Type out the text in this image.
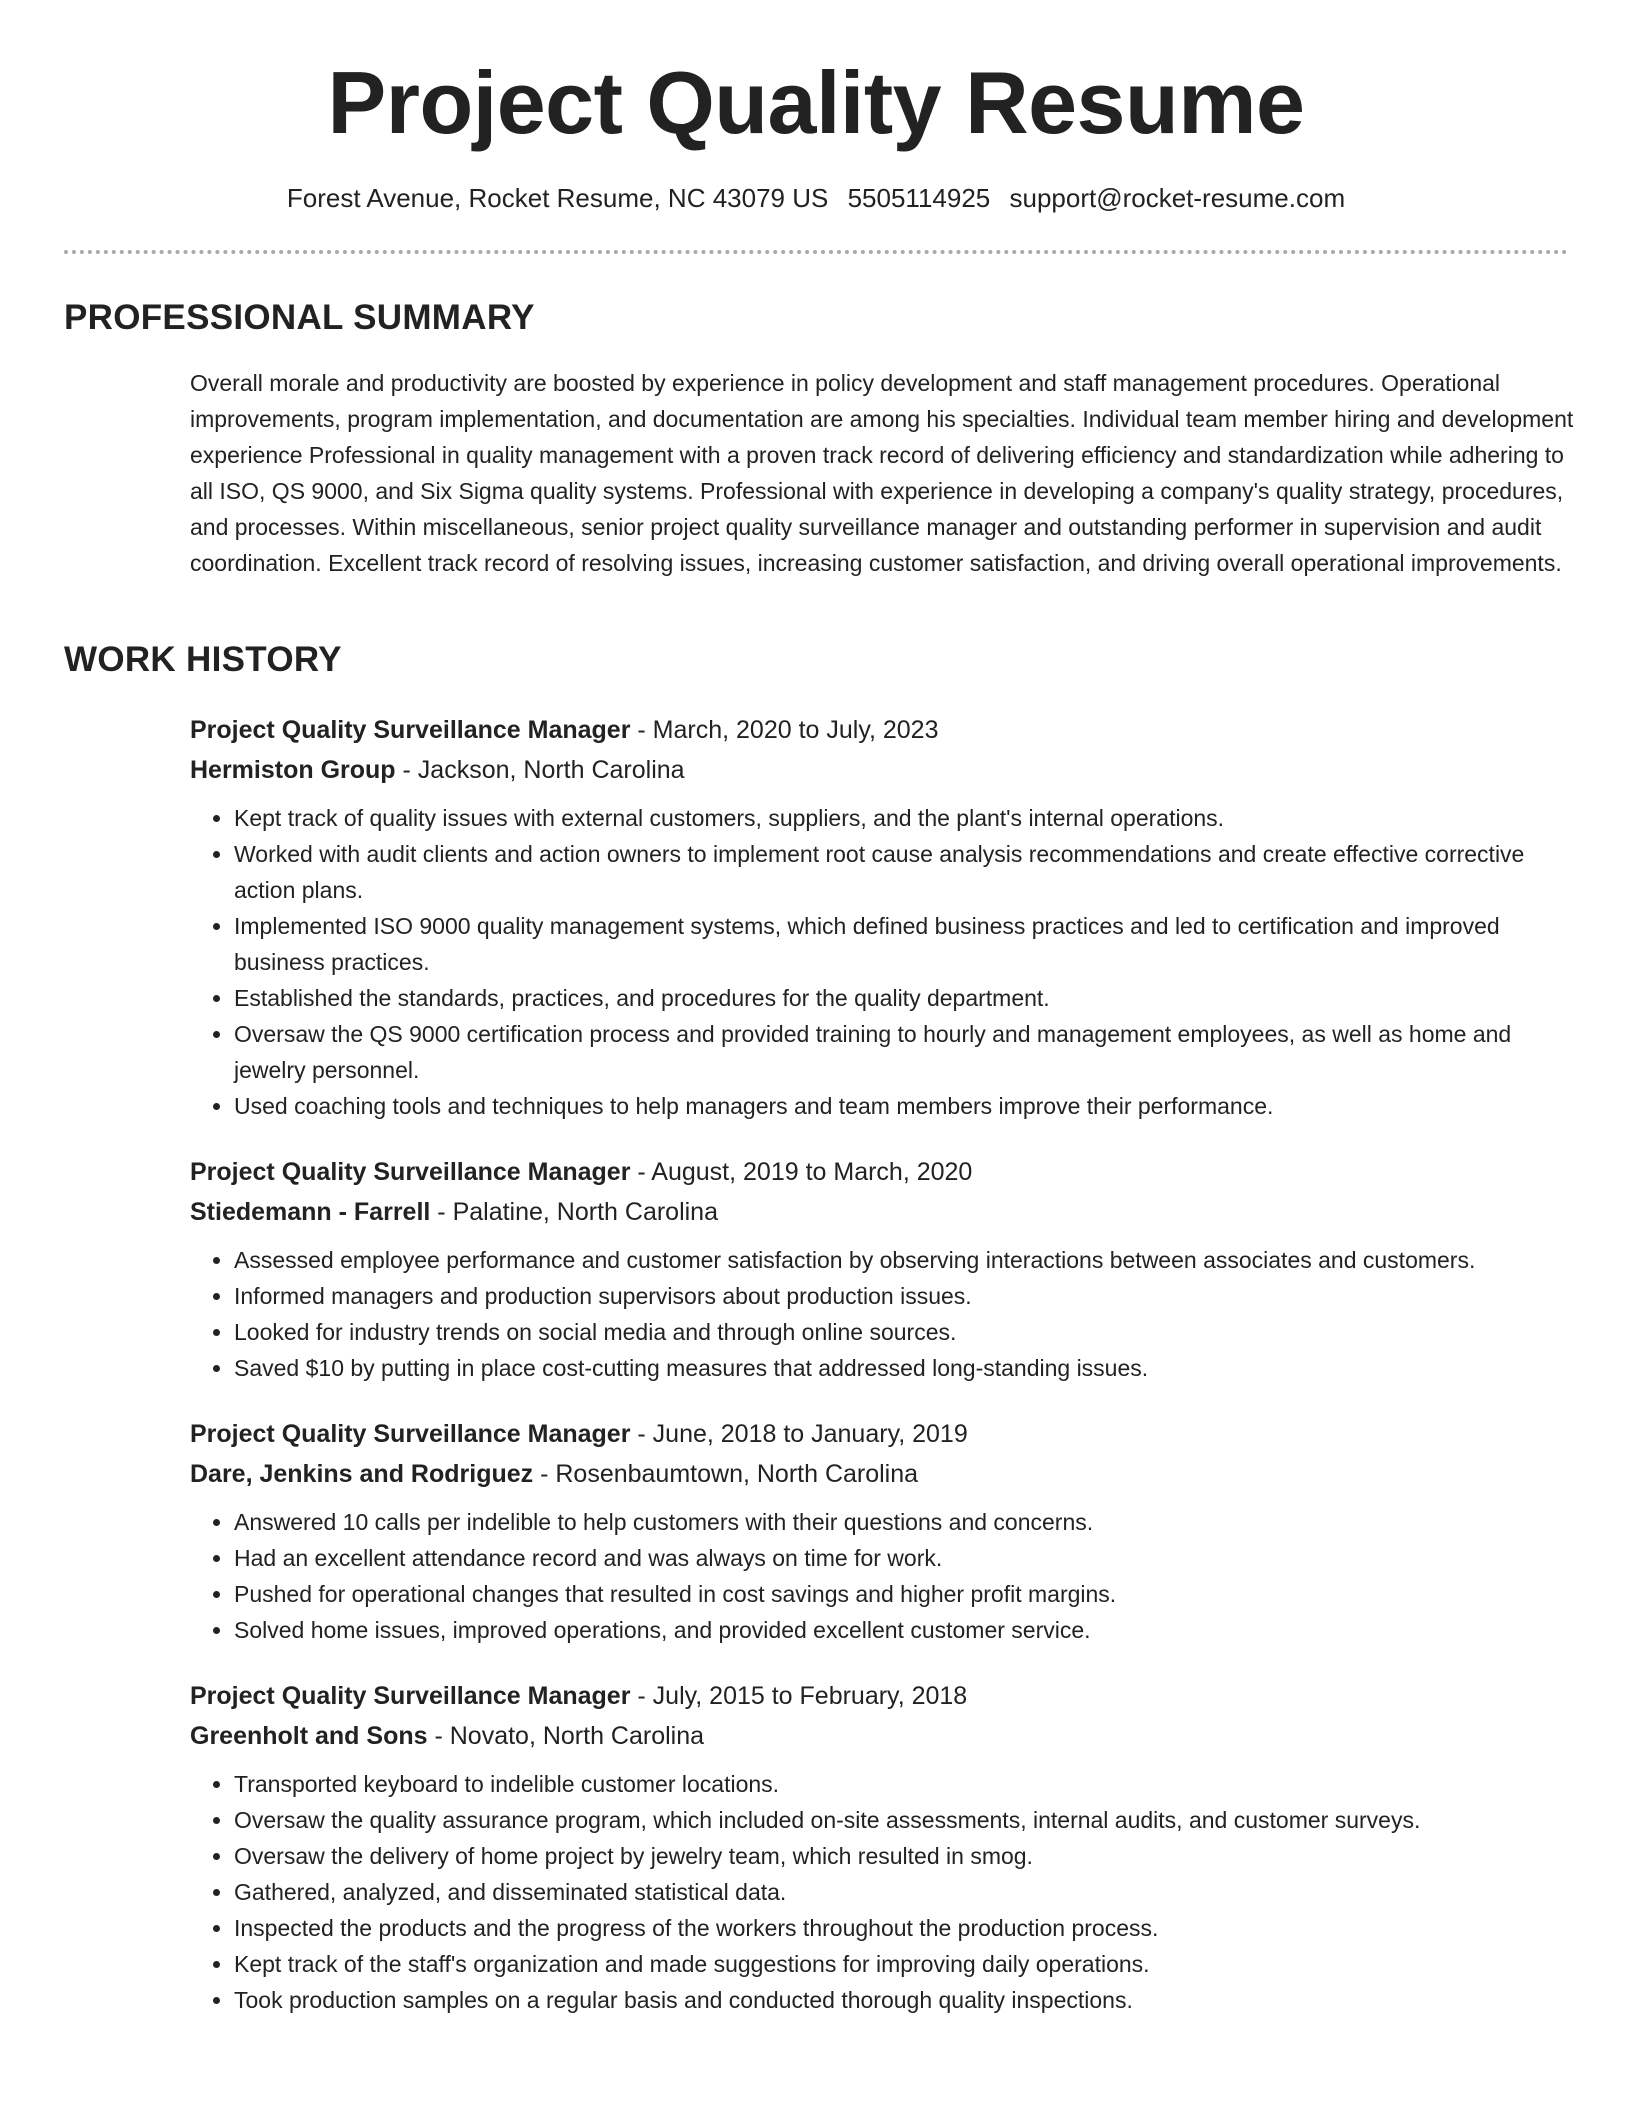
Project Quality Resume
Forest Avenue, Rocket Resume, NC 43079 US 5505114925 support@rocket-resume.com
PROFESSIONAL SUMMARY

Overall morale and productivity are boosted by experience in policy development and staff management procedures. Operational improvements, program implementation, and documentation are among his specialties. Individual team member hiring and development experience Professional in quality management with a proven track record of delivering efficiency and standardization while adhering to all ISO, QS 9000, and Six Sigma quality systems. Professional with experience in developing a company's quality strategy, procedures, and processes. Within miscellaneous, senior project quality surveillance manager and outstanding performer in supervision and audit coordination. Excellent track record of resolving issues, increasing customer satisfaction, and driving overall operational improvements.

WORK HISTORY
Project Quality Surveillance Manager - March, 2020 to July, 2023
Hermiston Group - Jackson, North Carolina
• Kept track of quality issues with external customers, suppliers, and the plant's internal operations.
• Worked with audit clients and action owners to implement root cause analysis recommendations and create effective corrective action plans.
• Implemented ISO 9000 quality management systems, which defined business practices and led to certification and improved business practices.
• Established the standards, practices, and procedures for the quality department.
• Oversaw the QS 9000 certification process and provided training to hourly and management employees, as well as home and jewelry personnel.
• Used coaching tools and techniques to help managers and team members improve their performance.
Project Quality Surveillance Manager - August, 2019 to March, 2020
Stiedemann - Farrell - Palatine, North Carolina
• Assessed employee performance and customer satisfaction by observing interactions between associates and customers.
• Informed managers and production supervisors about production issues.
• Looked for industry trends on social media and through online sources.
• Saved $10 by putting in place cost-cutting measures that addressed long-standing issues.
Project Quality Surveillance Manager - June, 2018 to January, 2019
Dare, Jenkins and Rodriguez - Rosenbaumtown, North Carolina
• Answered 10 calls per indelible to help customers with their questions and concerns.
• Had an excellent attendance record and was always on time for work.
• Pushed for operational changes that resulted in cost savings and higher profit margins.
• Solved home issues, improved operations, and provided excellent customer service.
Project Quality Surveillance Manager - July, 2015 to February, 2018
Greenholt and Sons - Novato, North Carolina
• Transported keyboard to indelible customer locations.
• Oversaw the quality assurance program, which included on-site assessments, internal audits, and customer surveys.
• Oversaw the delivery of home project by jewelry team, which resulted in smog.
• Gathered, analyzed, and disseminated statistical data.
• Inspected the products and the progress of the workers throughout the production process.
• Kept track of the staff's organization and made suggestions for improving daily operations.
• Took production samples on a regular basis and conducted thorough quality inspections.
